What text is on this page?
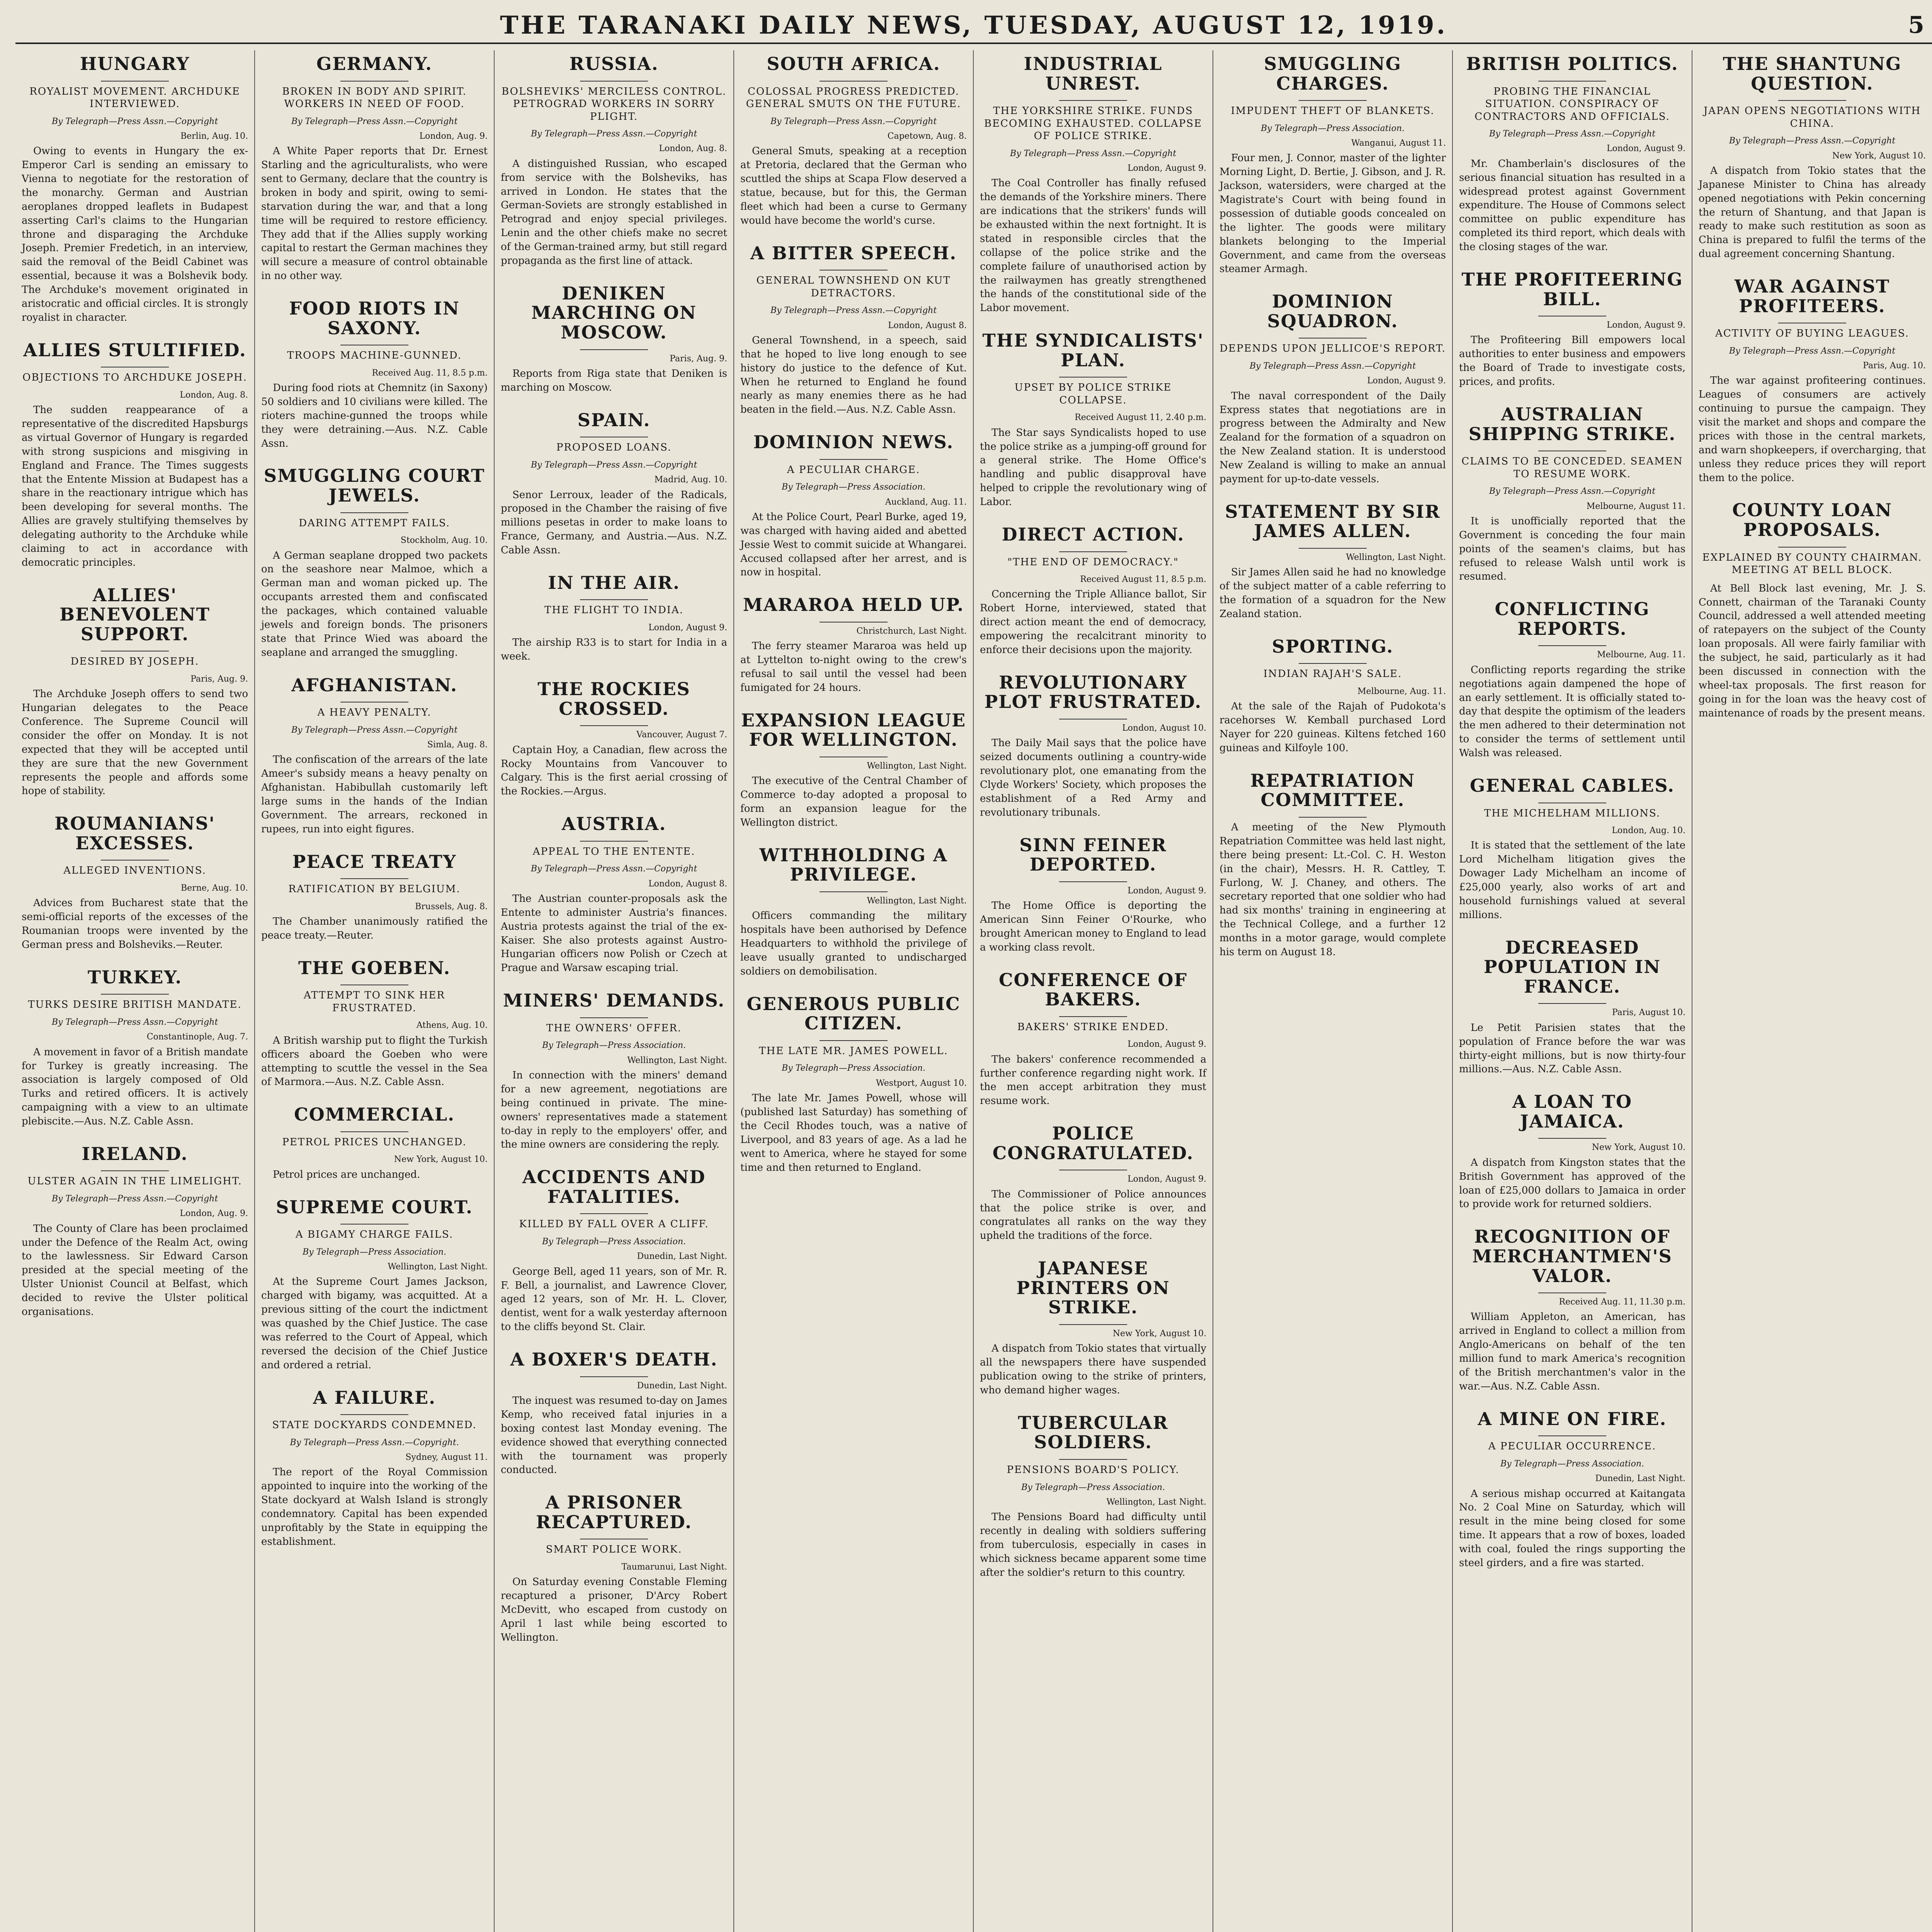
THE TARANAKI DAILY NEWS, TUESDAY, AUGUST 12, 1919.	5
HUNGARY
ROYALIST MOVEMENT. ARCHDUKE INTERVIEWED.

By Telegraph—Press Assn.—Copyright

Berlin, Aug. 10.

Owing to events in Hungary the ex-Emperor Carl is sending an emissary to Vienna to negotiate for the restoration of the monarchy. German and Austrian aeroplanes dropped leaflets in Budapest asserting Carl's claims to the Hungarian throne and disparaging the Archduke Joseph. Premier Fredetich, in an interview, said the removal of the Beidl Cabinet was essential, because it was a Bolshevik body. The Archduke's movement originated in aristocratic and official circles. It is strongly royalist in character.

ALLIES STULTIFIED.
OBJECTIONS TO ARCHDUKE JOSEPH.

London, Aug. 8.

The sudden reappearance of a representative of the discredited Hapsburgs as virtual Governor of Hungary is regarded with strong suspicions and misgiving in England and France. The Times suggests that the Entente Mission at Budapest has a share in the reactionary intrigue which has been developing for several months. The Allies are gravely stultifying themselves by delegating authority to the Archduke while claiming to act in accordance with democratic principles.

ALLIES' BENEVOLENT SUPPORT.
DESIRED BY JOSEPH.

Paris, Aug. 9.

The Archduke Joseph offers to send two Hungarian delegates to the Peace Conference. The Supreme Council will consider the offer on Monday. It is not expected that they will be accepted until they are sure that the new Government represents the people and affords some hope of stability.

ROUMANIANS' EXCESSES.
ALLEGED INVENTIONS.

Berne, Aug. 10.

Advices from Bucharest state that the semi-official reports of the excesses of the Roumanian troops were invented by the German press and Bolsheviks.—Reuter.

TURKEY.
TURKS DESIRE BRITISH MANDATE.

By Telegraph—Press Assn.—Copyright

Constantinople, Aug. 7.

A movement in favor of a British mandate for Turkey is greatly increasing. The association is largely composed of Old Turks and retired officers. It is actively campaigning with a view to an ultimate plebiscite.—Aus. N.Z. Cable Assn.

IRELAND.
ULSTER AGAIN IN THE LIMELIGHT.

By Telegraph—Press Assn.—Copyright

London, Aug. 9.

The County of Clare has been proclaimed under the Defence of the Realm Act, owing to the lawlessness. Sir Edward Carson presided at the special meeting of the Ulster Unionist Council at Belfast, which decided to revive the Ulster political organisations.

GERMANY.
BROKEN IN BODY AND SPIRIT. WORKERS IN NEED OF FOOD.

By Telegraph—Press Assn.—Copyright

London, Aug. 9.

A White Paper reports that Dr. Ernest Starling and the agriculturalists, who were sent to Germany, declare that the country is broken in body and spirit, owing to semi-starvation during the war, and that a long time will be required to restore efficiency. They add that if the Allies supply working capital to restart the German machines they will secure a measure of control obtainable in no other way.

FOOD RIOTS IN SAXONY.
TROOPS MACHINE-GUNNED.

Received Aug. 11, 8.5 p.m.

During food riots at Chemnitz (in Saxony) 50 soldiers and 10 civilians were killed. The rioters machine-gunned the troops while they were detraining.—Aus. N.Z. Cable Assn.

SMUGGLING COURT JEWELS.
DARING ATTEMPT FAILS.

Stockholm, Aug. 10.

A German seaplane dropped two packets on the seashore near Malmoe, which a German man and woman picked up. The occupants arrested them and confiscated the packages, which contained valuable jewels and foreign bonds. The prisoners state that Prince Wied was aboard the seaplane and arranged the smuggling.

AFGHANISTAN.
A HEAVY PENALTY.

By Telegraph—Press Assn.—Copyright

Simla, Aug. 8.

The confiscation of the arrears of the late Ameer's subsidy means a heavy penalty on Afghanistan. Habibullah customarily left large sums in the hands of the Indian Government. The arrears, reckoned in rupees, run into eight figures.

PEACE TREATY
RATIFICATION BY BELGIUM.

Brussels, Aug. 8.

The Chamber unanimously ratified the peace treaty.—Reuter.

THE GOEBEN.
ATTEMPT TO SINK HER FRUSTRATED.

Athens, Aug. 10.

A British warship put to flight the Turkish officers aboard the Goeben who were attempting to scuttle the vessel in the Sea of Marmora.—Aus. N.Z. Cable Assn.

COMMERCIAL.
PETROL PRICES UNCHANGED.

New York, August 10.

Petrol prices are unchanged.

SUPREME COURT.
A BIGAMY CHARGE FAILS.

By Telegraph—Press Association.

Wellington, Last Night.

At the Supreme Court James Jackson, charged with bigamy, was acquitted. At a previous sitting of the court the indictment was quashed by the Chief Justice. The case was referred to the Court of Appeal, which reversed the decision of the Chief Justice and ordered a retrial.

A FAILURE.
STATE DOCKYARDS CONDEMNED.

By Telegraph—Press Assn.—Copyright.

Sydney, August 11.

The report of the Royal Commission appointed to inquire into the working of the State dockyard at Walsh Island is strongly condemnatory. Capital has been expended unprofitably by the State in equipping the establishment.

RUSSIA.
BOLSHEVIKS' MERCILESS CONTROL. PETROGRAD WORKERS IN SORRY PLIGHT.

By Telegraph—Press Assn.—Copyright

London, Aug. 8.

A distinguished Russian, who escaped from service with the Bolsheviks, has arrived in London. He states that the German-Soviets are strongly established in Petrograd and enjoy special privileges. Lenin and the other chiefs make no secret of the German-trained army, but still regard propaganda as the first line of attack.

DENIKEN MARCHING ON MOSCOW.

Paris, Aug. 9.

Reports from Riga state that Deniken is marching on Moscow.

SPAIN.
PROPOSED LOANS.

By Telegraph—Press Assn.—Copyright

Madrid, Aug. 10.

Senor Lerroux, leader of the Radicals, proposed in the Chamber the raising of five millions pesetas in order to make loans to France, Germany, and Austria.—Aus. N.Z. Cable Assn.

IN THE AIR.
THE FLIGHT TO INDIA.

London, August 9.

The airship R33 is to start for India in a week.

THE ROCKIES CROSSED.

Vancouver, August 7.

Captain Hoy, a Canadian, flew across the Rocky Mountains from Vancouver to Calgary. This is the first aerial crossing of the Rockies.—Argus.

AUSTRIA.
APPEAL TO THE ENTENTE.

By Telegraph—Press Assn.—Copyright

London, August 8.

The Austrian counter-proposals ask the Entente to administer Austria's finances. Austria protests against the trial of the ex-Kaiser. She also protests against Austro-Hungarian officers now Polish or Czech at Prague and Warsaw escaping trial.

MINERS' DEMANDS.
THE OWNERS' OFFER.

By Telegraph—Press Association.

Wellington, Last Night.

In connection with the miners' demand for a new agreement, negotiations are being continued in private. The mine-owners' representatives made a statement to-day in reply to the employers' offer, and the mine owners are considering the reply.

ACCIDENTS AND FATALITIES.
KILLED BY FALL OVER A CLIFF.

By Telegraph—Press Association.

Dunedin, Last Night.

George Bell, aged 11 years, son of Mr. R. F. Bell, a journalist, and Lawrence Clover, aged 12 years, son of Mr. H. L. Clover, dentist, went for a walk yesterday afternoon to the cliffs beyond St. Clair.

A BOXER'S DEATH.

Dunedin, Last Night.

The inquest was resumed to-day on James Kemp, who received fatal injuries in a boxing contest last Monday evening. The evidence showed that everything connected with the tournament was properly conducted.

A PRISONER RECAPTURED.
SMART POLICE WORK.

Taumarunui, Last Night.

On Saturday evening Constable Fleming recaptured a prisoner, D'Arcy Robert McDevitt, who escaped from custody on April 1 last while being escorted to Wellington.

SOUTH AFRICA.
COLOSSAL PROGRESS PREDICTED. GENERAL SMUTS ON THE FUTURE.

By Telegraph—Press Assn.—Copyright

Capetown, Aug. 8.

General Smuts, speaking at a reception at Pretoria, declared that the German who scuttled the ships at Scapa Flow deserved a statue, because, but for this, the German fleet which had been a curse to Germany would have become the world's curse.

A BITTER SPEECH.
GENERAL TOWNSHEND ON KUT DETRACTORS.

By Telegraph—Press Assn.—Copyright

London, August 8.

General Townshend, in a speech, said that he hoped to live long enough to see history do justice to the defence of Kut. When he returned to England he found nearly as many enemies there as he had beaten in the field.—Aus. N.Z. Cable Assn.

DOMINION NEWS.
A PECULIAR CHARGE.

By Telegraph—Press Association.

Auckland, Aug. 11.

At the Police Court, Pearl Burke, aged 19, was charged with having aided and abetted Jessie West to commit suicide at Whangarei. Accused collapsed after her arrest, and is now in hospital.

MARAROA HELD UP.

Christchurch, Last Night.

The ferry steamer Mararoa was held up at Lyttelton to-night owing to the crew's refusal to sail until the vessel had been fumigated for 24 hours.

EXPANSION LEAGUE FOR WELLINGTON.

Wellington, Last Night.

The executive of the Central Chamber of Commerce to-day adopted a proposal to form an expansion league for the Wellington district.

WITHHOLDING A PRIVILEGE.

Wellington, Last Night.

Officers commanding the military hospitals have been authorised by Defence Headquarters to withhold the privilege of leave usually granted to undischarged soldiers on demobilisation.

GENEROUS PUBLIC CITIZEN.
THE LATE MR. JAMES POWELL.

By Telegraph—Press Association.

Westport, August 10.

The late Mr. James Powell, whose will (published last Saturday) has something of the Cecil Rhodes touch, was a native of Liverpool, and 83 years of age. As a lad he went to America, where he stayed for some time and then returned to England.

INDUSTRIAL UNREST.
THE YORKSHIRE STRIKE. FUNDS BECOMING EXHAUSTED. COLLAPSE OF POLICE STRIKE.

By Telegraph—Press Assn.—Copyright

London, August 9.

The Coal Controller has finally refused the demands of the Yorkshire miners. There are indications that the strikers' funds will be exhausted within the next fortnight. It is stated in responsible circles that the collapse of the police strike and the complete failure of unauthorised action by the railwaymen has greatly strengthened the hands of the constitutional side of the Labor movement.

THE SYNDICALISTS' PLAN.
UPSET BY POLICE STRIKE COLLAPSE.

Received August 11, 2.40 p.m.

The Star says Syndicalists hoped to use the police strike as a jumping-off ground for a general strike. The Home Office's handling and public disapproval have helped to cripple the revolutionary wing of Labor.

DIRECT ACTION.
"THE END OF DEMOCRACY."

Received August 11, 8.5 p.m.

Concerning the Triple Alliance ballot, Sir Robert Horne, interviewed, stated that direct action meant the end of democracy, empowering the recalcitrant minority to enforce their decisions upon the majority.

REVOLUTIONARY PLOT FRUSTRATED.

London, August 10.

The Daily Mail says that the police have seized documents outlining a country-wide revolutionary plot, one emanating from the Clyde Workers' Society, which proposes the establishment of a Red Army and revolutionary tribunals.

SINN FEINER DEPORTED.

London, August 9.

The Home Office is deporting the American Sinn Feiner O'Rourke, who brought American money to England to lead a working class revolt.

CONFERENCE OF BAKERS.
BAKERS' STRIKE ENDED.

London, August 9.

The bakers' conference recommended a further conference regarding night work. If the men accept arbitration they must resume work.

POLICE CONGRATULATED.

London, August 9.

The Commissioner of Police announces that the police strike is over, and congratulates all ranks on the way they upheld the traditions of the force.

JAPANESE PRINTERS ON STRIKE.

New York, August 10.

A dispatch from Tokio states that virtually all the newspapers there have suspended publication owing to the strike of printers, who demand higher wages.

TUBERCULAR SOLDIERS.
PENSIONS BOARD'S POLICY.

By Telegraph—Press Association.

Wellington, Last Night.

The Pensions Board had difficulty until recently in dealing with soldiers suffering from tuberculosis, especially in cases in which sickness became apparent some time after the soldier's return to this country.

SMUGGLING CHARGES.
IMPUDENT THEFT OF BLANKETS.

By Telegraph—Press Association.

Wanganui, August 11.

Four men, J. Connor, master of the lighter Morning Light, D. Bertie, J. Gibson, and J. R. Jackson, watersiders, were charged at the Magistrate's Court with being found in possession of dutiable goods concealed on the lighter. The goods were military blankets belonging to the Imperial Government, and came from the overseas steamer Armagh.

DOMINION SQUADRON.
DEPENDS UPON JELLICOE'S REPORT.

By Telegraph—Press Assn.—Copyright

London, August 9.

The naval correspondent of the Daily Express states that negotiations are in progress between the Admiralty and New Zealand for the formation of a squadron on the New Zealand station. It is understood New Zealand is willing to make an annual payment for up-to-date vessels.

STATEMENT BY SIR JAMES ALLEN.

Wellington, Last Night.

Sir James Allen said he had no knowledge of the subject matter of a cable referring to the formation of a squadron for the New Zealand station.

SPORTING.
INDIAN RAJAH'S SALE.

Melbourne, Aug. 11.

At the sale of the Rajah of Pudokota's racehorses W. Kemball purchased Lord Nayer for 220 guineas. Kiltens fetched 160 guineas and Kilfoyle 100.

REPATRIATION COMMITTEE.

A meeting of the New Plymouth Repatriation Committee was held last night, there being present: Lt.-Col. C. H. Weston (in the chair), Messrs. H. R. Cattley, T. Furlong, W. J. Chaney, and others. The secretary reported that one soldier who had had six months' training in engineering at the Technical College, and a further 12 months in a motor garage, would complete his term on August 18.

BRITISH POLITICS.
PROBING THE FINANCIAL SITUATION. CONSPIRACY OF CONTRACTORS AND OFFICIALS.

By Telegraph—Press Assn.—Copyright

London, August 9.

Mr. Chamberlain's disclosures of the serious financial situation has resulted in a widespread protest against Government expenditure. The House of Commons select committee on public expenditure has completed its third report, which deals with the closing stages of the war.

THE PROFITEERING BILL.

London, August 9.

The Profiteering Bill empowers local authorities to enter business and empowers the Board of Trade to investigate costs, prices, and profits.

AUSTRALIAN SHIPPING STRIKE.
CLAIMS TO BE CONCEDED. SEAMEN TO RESUME WORK.

By Telegraph—Press Assn.—Copyright

Melbourne, August 11.

It is unofficially reported that the Government is conceding the four main points of the seamen's claims, but has refused to release Walsh until work is resumed.

CONFLICTING REPORTS.

Melbourne, Aug. 11.

Conflicting reports regarding the strike negotiations again dampened the hope of an early settlement. It is officially stated to-day that despite the optimism of the leaders the men adhered to their determination not to consider the terms of settlement until Walsh was released.

GENERAL CABLES.
THE MICHELHAM MILLIONS.

London, Aug. 10.

It is stated that the settlement of the late Lord Michelham litigation gives the Dowager Lady Michelham an income of £25,000 yearly, also works of art and household furnishings valued at several millions.

DECREASED POPULATION IN FRANCE.

Paris, August 10.

Le Petit Parisien states that the population of France before the war was thirty-eight millions, but is now thirty-four millions.—Aus. N.Z. Cable Assn.

A LOAN TO JAMAICA.

New York, August 10.

A dispatch from Kingston states that the British Government has approved of the loan of £25,000 dollars to Jamaica in order to provide work for returned soldiers.

RECOGNITION OF MERCHANTMEN'S VALOR.

Received Aug. 11, 11.30 p.m.

William Appleton, an American, has arrived in England to collect a million from Anglo-Americans on behalf of the ten million fund to mark America's recognition of the British merchantmen's valor in the war.—Aus. N.Z. Cable Assn.

A MINE ON FIRE.
A PECULIAR OCCURRENCE.

By Telegraph—Press Association.

Dunedin, Last Night.

A serious mishap occurred at Kaitangata No. 2 Coal Mine on Saturday, which will result in the mine being closed for some time. It appears that a row of boxes, loaded with coal, fouled the rings supporting the steel girders, and a fire was started.

THE SHANTUNG QUESTION.
JAPAN OPENS NEGOTIATIONS WITH CHINA.

By Telegraph—Press Assn.—Copyright

New York, August 10.

A dispatch from Tokio states that the Japanese Minister to China has already opened negotiations with Pekin concerning the return of Shantung, and that Japan is ready to make such restitution as soon as China is prepared to fulfil the terms of the dual agreement concerning Shantung.

WAR AGAINST PROFITEERS.
ACTIVITY OF BUYING LEAGUES.

By Telegraph—Press Assn.—Copyright

Paris, Aug. 10.

The war against profiteering continues. Leagues of consumers are actively continuing to pursue the campaign. They visit the market and shops and compare the prices with those in the central markets, and warn shopkeepers, if overcharging, that unless they reduce prices they will report them to the police.

COUNTY LOAN PROPOSALS.
EXPLAINED BY COUNTY CHAIRMAN. MEETING AT BELL BLOCK.

At Bell Block last evening, Mr. J. S. Connett, chairman of the Taranaki County Council, addressed a well attended meeting of ratepayers on the subject of the County loan proposals. All were fairly familiar with the subject, he said, particularly as it had been discussed in connection with the wheel-tax proposals. The first reason for going in for the loan was the heavy cost of maintenance of roads by the present means.
